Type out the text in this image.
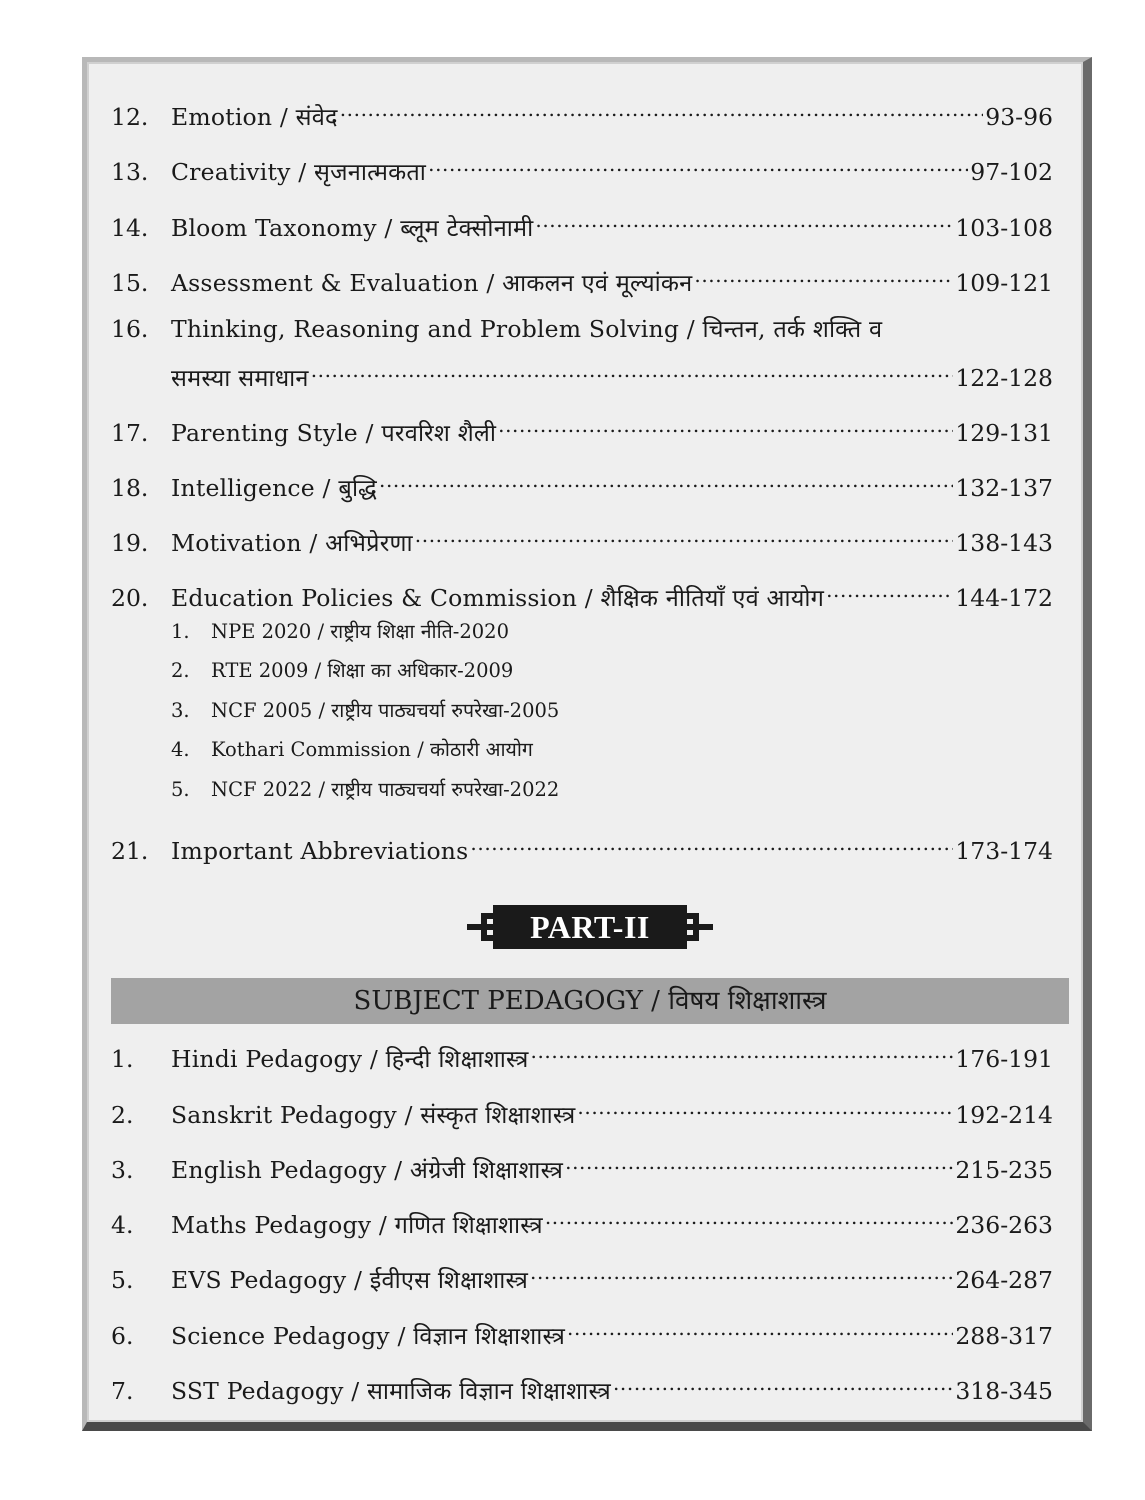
12. Emotion / संवेद .....	93-96
13. Creativity / सृजनात्मकता .....	97-102
14. Bloom Taxonomy / ब्लूम टेक्सोनामी .....	103-108
15. Assessment & Evaluation / आकलन एवं मूल्यांकन .....	109-121
16. Thinking, Reasoning and Problem Solving / चिन्तन, तर्क शक्ति व
समस्या समाधान .....	122-128
17. Parenting Style / परवरिश शैली .....	129-131
18. Intelligence / बुद्धि .....	132-137
19. Motivation / अभिप्रेरणा .....	138-143
20. Education Policies & Commission / शैक्षिक नीतियाँ एवं आयोग .....	144-172
1. NPE 2020 / राष्ट्रीय शिक्षा नीति-2020
2. RTE 2009 / शिक्षा का अधिकार-2009
3. NCF 2005 / राष्ट्रीय पाठ्यचर्या रुपरेखा-2005
4. Kothari Commission / कोठारी आयोग
5. NCF 2022 / राष्ट्रीय पाठ्यचर्या रुपरेखा-2022
21. Important Abbreviations .....	173-174
PART-II
SUBJECT PEDAGOGY / विषय शिक्षाशास्त्र
1.	Hindi Pedagogy / हिन्दी शिक्षाशास्त्र .....	176-191
2.	Sanskrit Pedagogy / संस्कृत शिक्षाशास्त्र .....	192-214
3.	English Pedagogy / अंग्रेजी शिक्षाशास्त्र .....	215-235
4.	Maths Pedagogy / गणित शिक्षाशास्त्र .....	236-263
5.	EVS Pedagogy / ईवीएस शिक्षाशास्त्र .....	264-287
6.	Science Pedagogy / विज्ञान शिक्षाशास्त्र .....	288-317
7.	SST Pedagogy / सामाजिक विज्ञान शिक्षाशास्त्र .....	318-345
